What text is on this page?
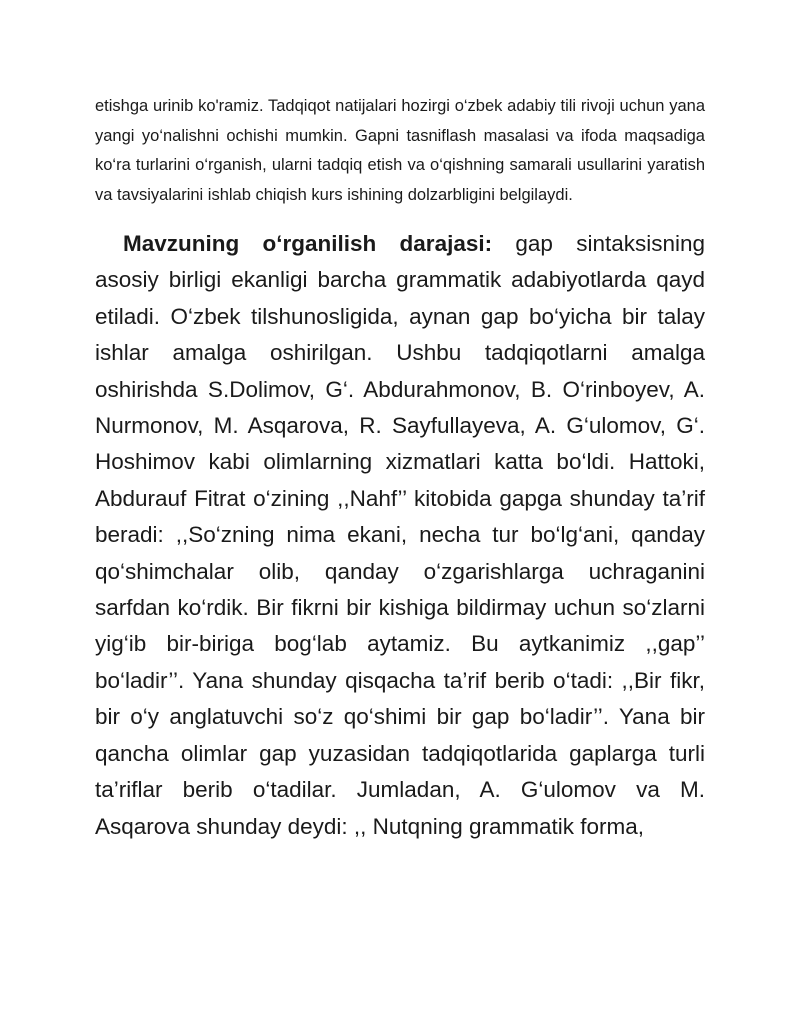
etishga urinib ko'ramiz. Tadqiqot natijalari hozirgi o‘zbek adabiy tili rivoji uchun yana yangi yo‘nalishni ochishi mumkin. Gapni tasniflash masalasi va ifoda maqsadiga ko‘ra turlarini o‘rganish, ularni tadqiq etish va o‘qishning samarali usullarini yaratish va tavsiyalarini ishlab chiqish kurs ishining dolzarbligini belgilaydi.

Mavzuning o‘rganilish darajasi: gap sintaksisning asosiy birligi ekanligi barcha grammatik adabiyotlarda qayd etiladi. O‘zbek tilshunosligida, aynan gap bo‘yicha bir talay ishlar amalga oshirilgan. Ushbu tadqiqotlarni amalga oshirishda S.Dolimov, G‘. Abdurahmonov, B. O‘rinboyev, A. Nurmonov, M. Asqarova, R. Sayfullayeva, A. G‘ulomov, G‘. Hoshimov kabi olimlarning xizmatlari katta bo‘ldi. Hattoki, Abdurauf Fitrat o‘zining ,,Nahf’’ kitobida gapga shunday ta’rif beradi: ,,So‘zning nima ekani, necha tur bo‘lg‘ani, qanday qo‘shimchalar olib, qanday o‘zgarishlarga uchraganini sarfdan ko‘rdik. Bir fikrni bir kishiga bildirmay uchun so‘zlarni yig‘ib bir-biriga bog‘lab aytamiz. Bu aytkanimiz ,,gap’’ bo‘ladir’’. Yana shunday qisqacha ta’rif berib o‘tadi: ,,Bir fikr, bir o‘y anglatuvchi so‘z qo‘shimi bir gap bo‘ladir’’. Yana bir qancha olimlar gap yuzasidan tadqiqotlarida gaplarga turli ta’riflar berib o‘tadilar. Jumladan, A. G‘ulomov va M. Asqarova shunday deydi: ,, Nutqning grammatik forma,
